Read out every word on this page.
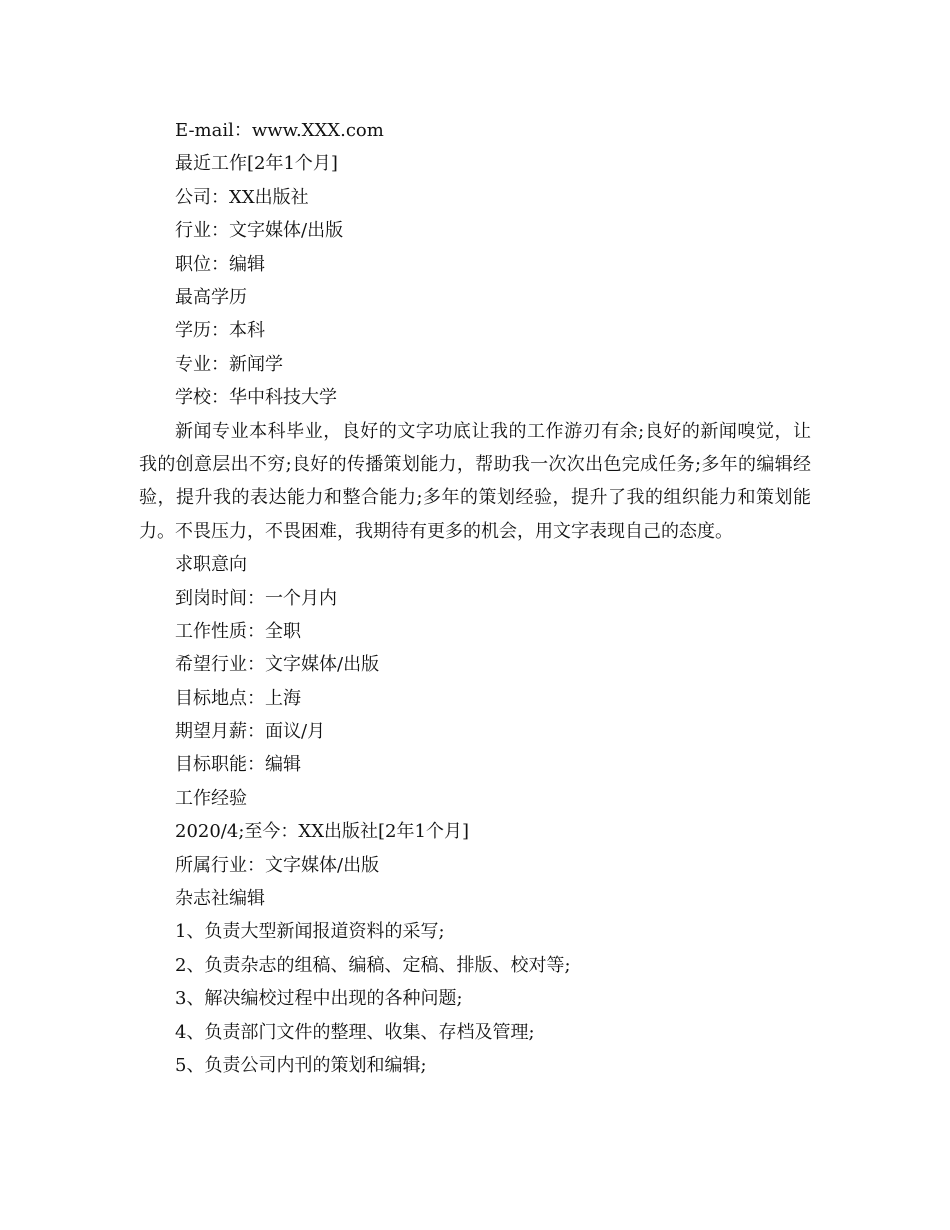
E-mail：www.XXX.com
最近工作[2年1个月]
公司：XX出版社
行业：文字媒体/出版
职位：编辑
最高学历
学历：本科
专业：新闻学
学校：华中科技大学

新闻专业本科毕业，良好的文字功底让我的工作游刃有余;良好的新闻嗅觉，让我的创意层出不穷;良好的传播策划能力，帮助我一次次出色完成任务;多年的编辑经验，提升我的表达能力和整合能力;多年的策划经验，提升了我的组织能力和策划能力。不畏压力，不畏困难，我期待有更多的机会，用文字表现自己的态度。

求职意向
到岗时间：一个月内
工作性质：全职
希望行业：文字媒体/出版
目标地点：上海
期望月薪：面议/月
目标职能：编辑
工作经验
2020/4;至今：XX出版社[2年1个月]
所属行业：文字媒体/出版
杂志社编辑
1、负责大型新闻报道资料的采写;
2、负责杂志的组稿、编稿、定稿、排版、校对等;
3、解决编校过程中出现的各种问题;
4、负责部门文件的整理、收集、存档及管理;
5、负责公司内刊的策划和编辑;
